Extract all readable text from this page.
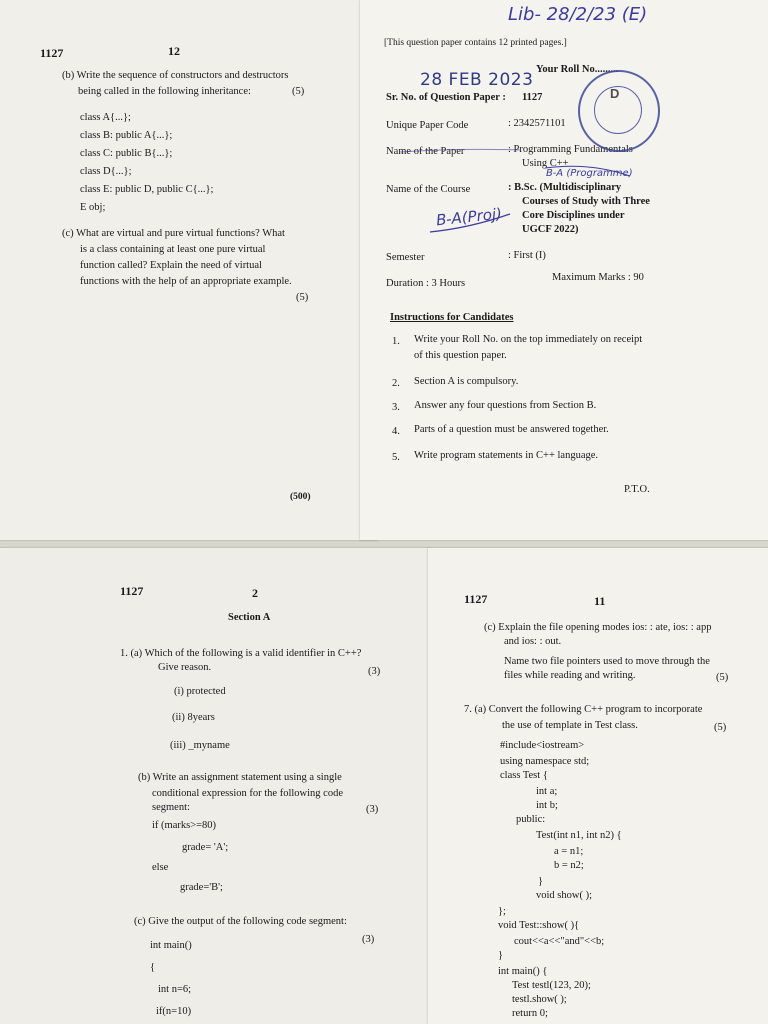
1127	12
(b) Write the sequence of constructors and destructors
being called in the following inheritance:	(5)
class A{...};
class B: public A{...};
class C: public B{...};
class D{...};
class E: public D, public C{...};
E obj;
(c) What are virtual and pure virtual functions? What
is a class containing at least one pure virtual
function called? Explain the need of virtual
functions with the help of an appropriate example.
(5)
(500)
[This question paper contains 12 printed pages.]
Lib- 28/2/23 (E)
28 FEB 2023
Your Roll No.........
Sr. No. of Question Paper : 1127
Unique Paper Code	: 2342571101
Name of the Paper	: Programming Fundamentals
Using C++
B-A (Programme)
Name of the Course	: B.Sc. (Multidisciplinary
Courses of Study with Three
Core Disciplines under
UGCF 2022)
B-A(Proj)
Semester	: First (I)
Duration : 3 Hours
Maximum Marks : 90
Instructions for Candidates
1. Write your Roll No. on the top immediately on receipt
of this question paper.
2. Section A is compulsory.
3. Answer any four questions from Section B.
4. Parts of a question must be answered together.
5. Write program statements in C++ language.
P.T.O.
D
1127	2
Section A
1. (a) Which of the following is a valid identifier in C++?
Give reason.	(3)
(i) protected
(ii) 8years
(iii) _myname
(b) Write an assignment statement using a single
conditional expression for the following code
segment:	(3)
if (marks>=80)
grade= 'A';
else
grade='B';
(c) Give the output of the following code segment:
(3)
int main()
{
int n=6;
if(n=10)
1127	11
(c) Explain the file opening modes ios: : ate, ios: : app
and ios: : out.
Name two file pointers used to move through the
files while reading and writing.	(5)
7. (a) Convert the following C++ program to incorporate
the use of template in Test class.	(5)
#include<iostream>
using namespace std;
class Test {
int a;
int b;
public:
Test(int n1, int n2) {
a = n1;
b = n2;
}
void show( );
};
void Test::show( ){
cout<<a<<"and"<<b;
}
int main() {
Test testl(123, 20);
testl.show( );
return 0;
